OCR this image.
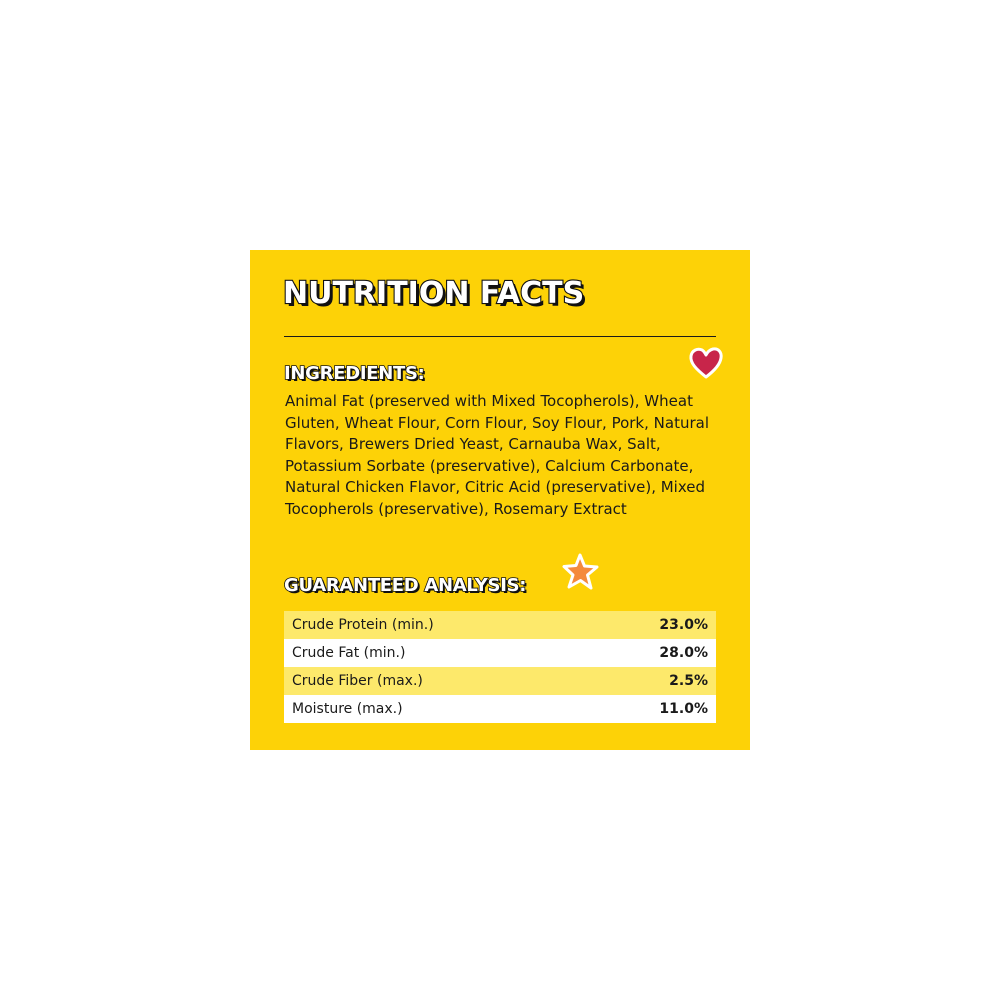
NUTRITION FACTS
INGREDIENTS:

Animal Fat (preserved with Mixed Tocopherols), Wheat Gluten, Wheat Flour, Corn Flour, Soy Flour, Pork, Natural Flavors, Brewers Dried Yeast, Carnauba Wax, Salt, Potassium Sorbate (preservative), Calcium Carbonate, Natural Chicken Flavor, Citric Acid (preservative), Mixed Tocopherols (preservative), Rosemary Extract

GUARANTEED ANALYSIS:
Crude Protein (min.)	23.0%
Crude Fat (min.)	28.0%
Crude Fiber (max.)	2.5%
Moisture (max.)	11.0%
